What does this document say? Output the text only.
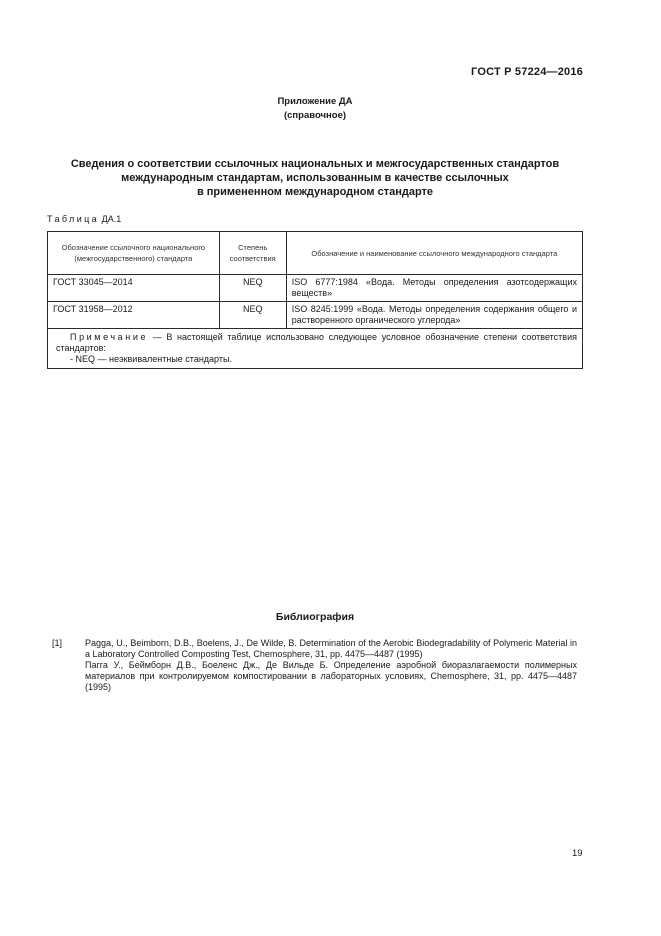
ГОСТ Р 57224—2016
Приложение ДА
(справочное)
Сведения о соответствии ссылочных национальных и межгосударственных стандартов
международным стандартам, использованным в качестве ссылочных
в примененном международном стандарте
Таблица ДА.1
Обозначение ссылочного национального (межгосударственного) стандарта	Степень соответствия	Обозначение и наименование ссылочного международного стандарта
ГОСТ 33045—2014	NEQ	ISO 6777:1984 «Вода. Методы определения азотсодержащих веществ»
ГОСТ 31958—2012	NEQ	ISO 8245:1999 «Вода. Методы определения содержания общего и растворенного органического углерода»

Примечание — В настоящей таблице использовано следующее условное обозначение степени соответствия стандартов:
- NEQ — неэквивалентные стандарты.		
Библиография
[1]	Pagga, U., Beimborn, D.B., Boelens, J., De Wilde, B. Determination of the Aerobic Biodegradability of Polymeric Material in a Laboratory Controlled Composting Test, Chemosphere, 31, pp. 4475—4487 (1995)
Пагга У., Беймборн Д.В., Боеленс Дж., Де Вильде Б. Определение аэробной биоразлагаемости полимерных материалов при контролируемом компостировании в лабораторных условиях, Chemosphere, 31, pp. 4475—4487 (1995)
19
